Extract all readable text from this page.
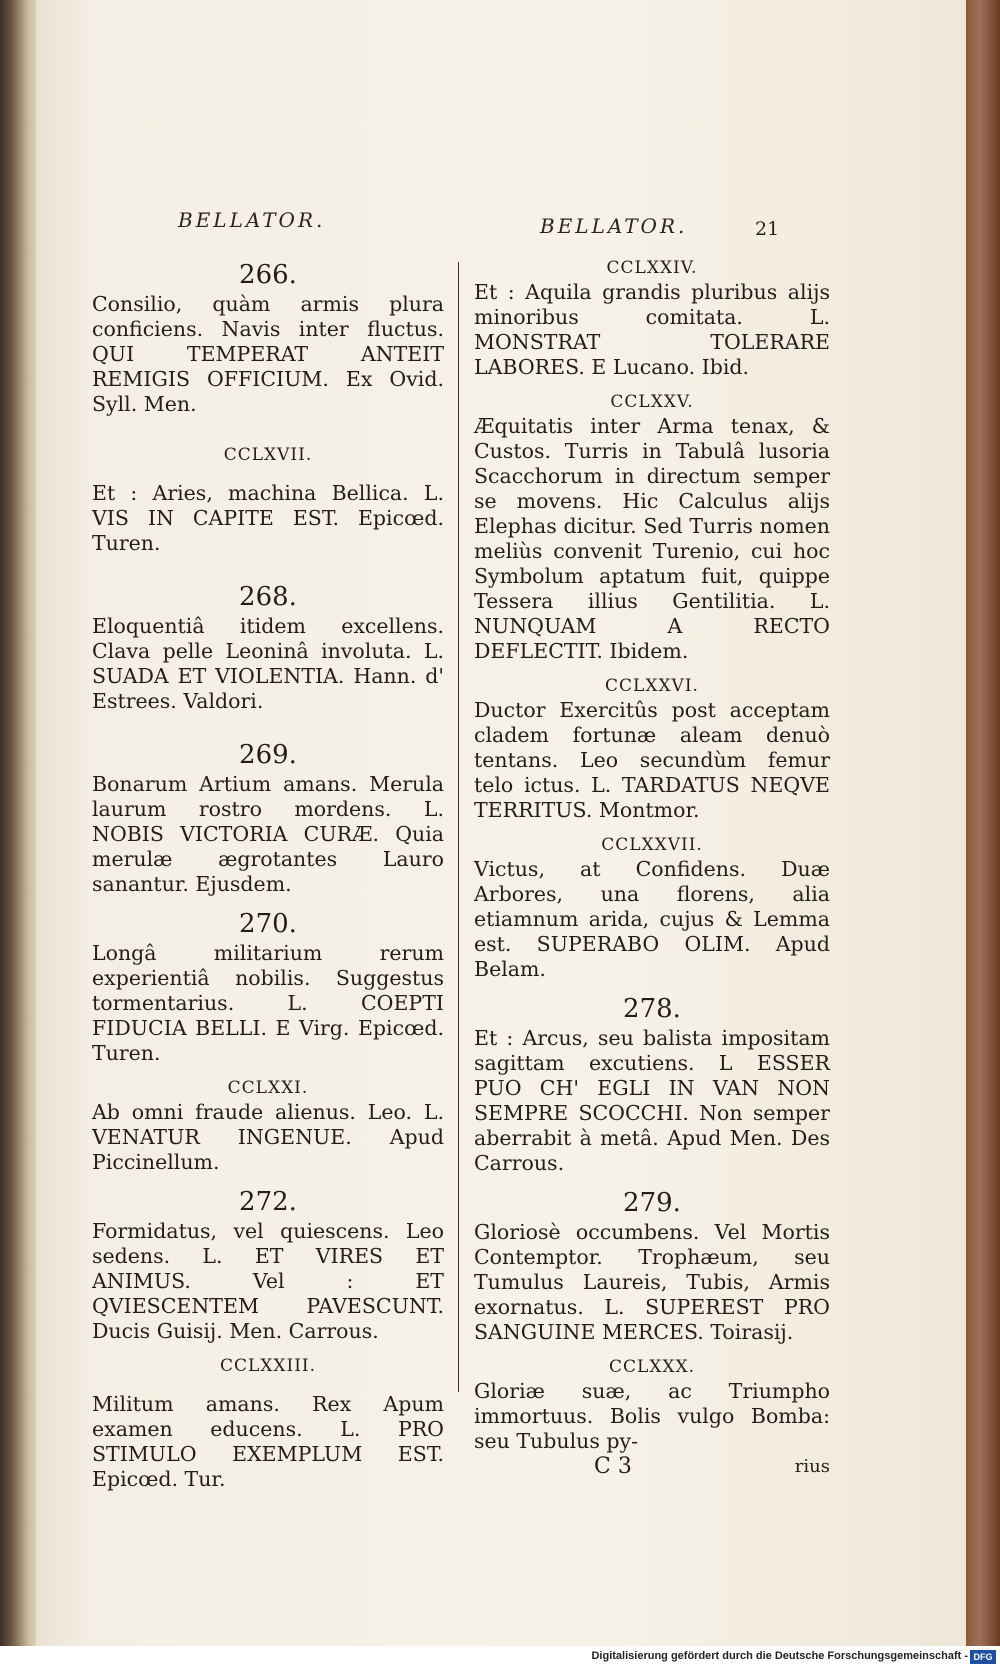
BELLATOR.	BELLATOR.	21

266.

Consilio, quàm armis plura conficiens. Navis inter fluctus. QUI TEMPERAT ANTEIT REMIGIS OFFICIUM. Ex Ovid. Syll. Men.

CCLXVII.

Et : Aries, machina Bellica. L. VIS IN CAPITE EST. Epicœd. Turen.

268.

Eloquentiâ itidem excellens. Clava pelle Leoninâ involuta. L. SUADA ET VIOLENTIA. Hann. d' Estrees. Valdori.

269.

Bonarum Artium amans. Merula laurum rostro mordens. L. NOBIS VICTORIA CURÆ. Quia merulæ ægrotantes Lauro sanantur. Ejusdem.

270.

Longâ militarium rerum experientiâ nobilis. Suggestus tormentarius. L. COEPTI FIDUCIA BELLI. E Virg. Epicœd. Turen.

CCLXXI.

Ab omni fraude alienus. Leo. L. VENATUR INGENUE. Apud Piccinellum.

272.

Formidatus, vel quiescens. Leo sedens. L. ET VIRES ET ANIMUS. Vel : ET QVIESCENTEM PAVESCUNT. Ducis Guisij. Men. Carrous.

CCLXXIII.

Militum amans. Rex Apum examen educens. L. PRO STIMULO EXEMPLUM EST. Epicœd. Tur.

CCLXXIV.

Et : Aquila grandis pluribus alijs minoribus comitata. L. MONSTRAT TOLERARE LABORES. E Lucano. Ibid.

CCLXXV.

Æquitatis inter Arma tenax, & Custos. Turris in Tabulâ lusoria Scacchorum in directum semper se movens. Hic Calculus alijs Elephas dicitur. Sed Turris nomen meliùs convenit Turenio, cui hoc Symbolum aptatum fuit, quippe Tessera illius Gentilitia. L. NUNQUAM A RECTO DEFLECTIT. Ibidem.

CCLXXVI.

Ductor Exercitûs post acceptam cladem fortunæ aleam denuò tentans. Leo secundùm femur telo ictus. L. TARDATUS NEQVE TERRITUS. Montmor.

CCLXXVII.

Victus, at Confidens. Duæ Arbores, una florens, alia etiamnum arida, cujus & Lemma est. SUPERABO OLIM. Apud Belam.

278.

Et : Arcus, seu balista impositam sagittam excutiens. L ESSER PUO CH' EGLI IN VAN NON SEMPRE SCOCCHI. Non semper aberrabit à metâ. Apud Men. Des Carrous.

279.

Gloriosè occumbens. Vel Mortis Contemptor. Trophæum, seu Tumulus Laureis, Tubis, Armis exornatus. L. SUPEREST PRO SANGUINE MERCES. Toirasij.

CCLXXX.

Gloriæ suæ, ac Triumpho immortuus. Bolis vulgo Bomba: seu Tubulus py-

C 3	rius
Digitalisierung gefördert durch die Deutsche Forschungsgemeinschaft - DFG
